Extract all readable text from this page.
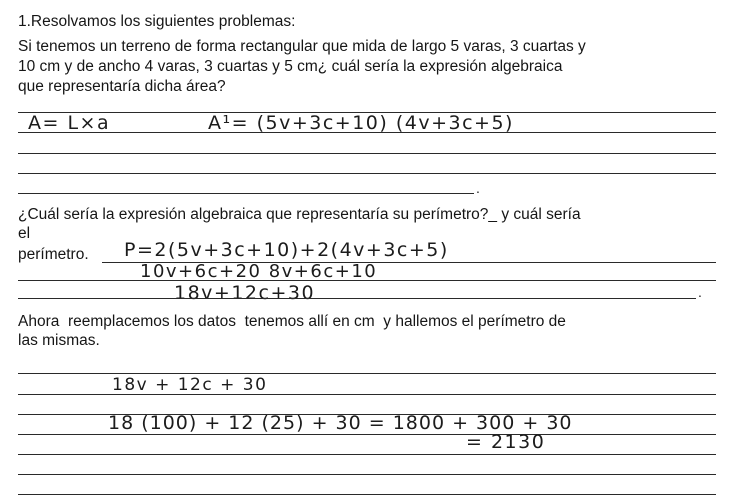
1.Resolvamos los siguientes problemas:
Si tenemos un terreno de forma rectangular que mida de largo 5 varas, 3 cuartas y
10 cm y de ancho 4 varas, 3 cuartas y 5 cm¿ cuál sería la expresión algebraica
que representaría dicha área?
A= L×a	A¹= (5v+3c+10) (4v+3c+5)
.
¿Cuál sería la expresión algebraica que representaría su perímetro?_ y cuál sería
el
perímetro. P=2(5v+3c+10)+2(4v+3c+5)
10v+6c+20 8v+6c+10
18v+12c+30	.
Ahora  reemplacemos los datos  tenemos allí en cm  y hallemos el perímetro de
las mismas.
18v + 12c + 30
18 (100) + 12 (25) + 30 = 1800 + 300 + 30
= 2130
